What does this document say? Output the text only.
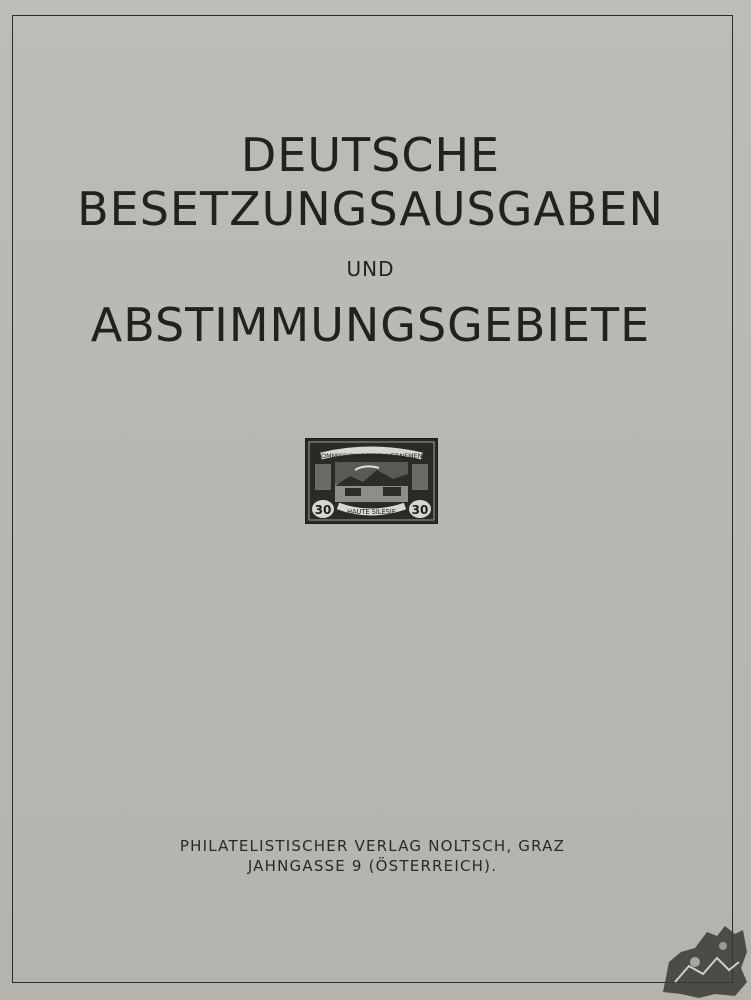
DEUTSCHE
BESETZUNGSAUSGABEN
UND
ABSTIMMUNGSGEBIETE
COMMISSION DE GOUVERNEMENT
30	30
HAUTE SILESIE
PHILATELISTISCHER VERLAG NOLTSCH, GRAZ
JAHNGASSE 9 (ÖSTERREICH).
